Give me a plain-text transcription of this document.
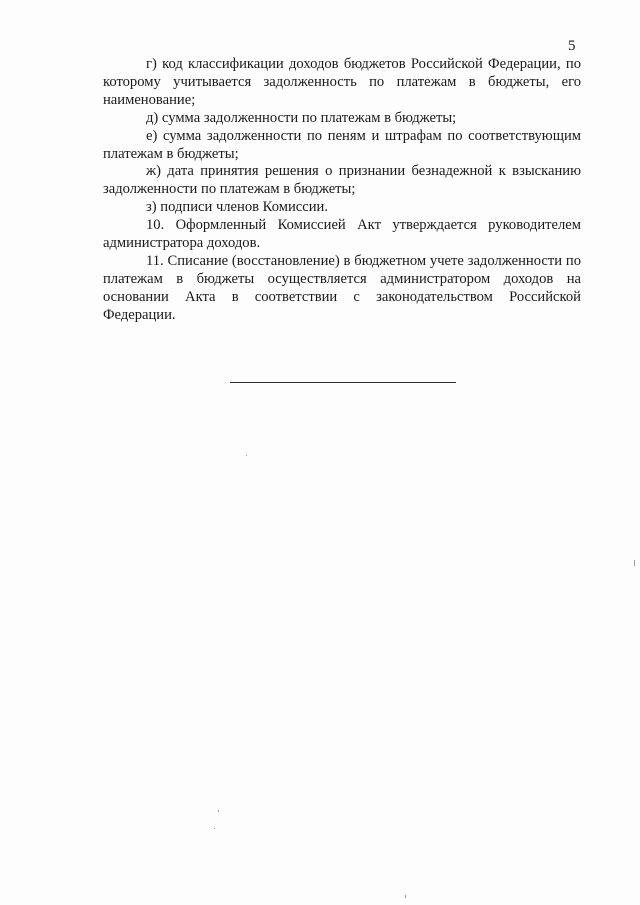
5

г) код классификации доходов бюджетов Российской Федерации, по которому учитывается задолженность по платежам в бюджеты, его наименование;

д) сумма задолженности по платежам в бюджеты;

е) сумма задолженности по пеням и штрафам по соответствующим платежам в бюджеты;

ж) дата принятия решения о признании безнадежной к взысканию задолженности по платежам в бюджеты;

з) подписи членов Комиссии.

10. Оформленный Комиссией Акт утверждается руководителем администратора доходов.

11. Списание (восстановление) в бюджетном учете задолженности по платежам в бюджеты осуществляется администратором доходов на основании Акта в соответствии с законодательством Российской Федерации.
